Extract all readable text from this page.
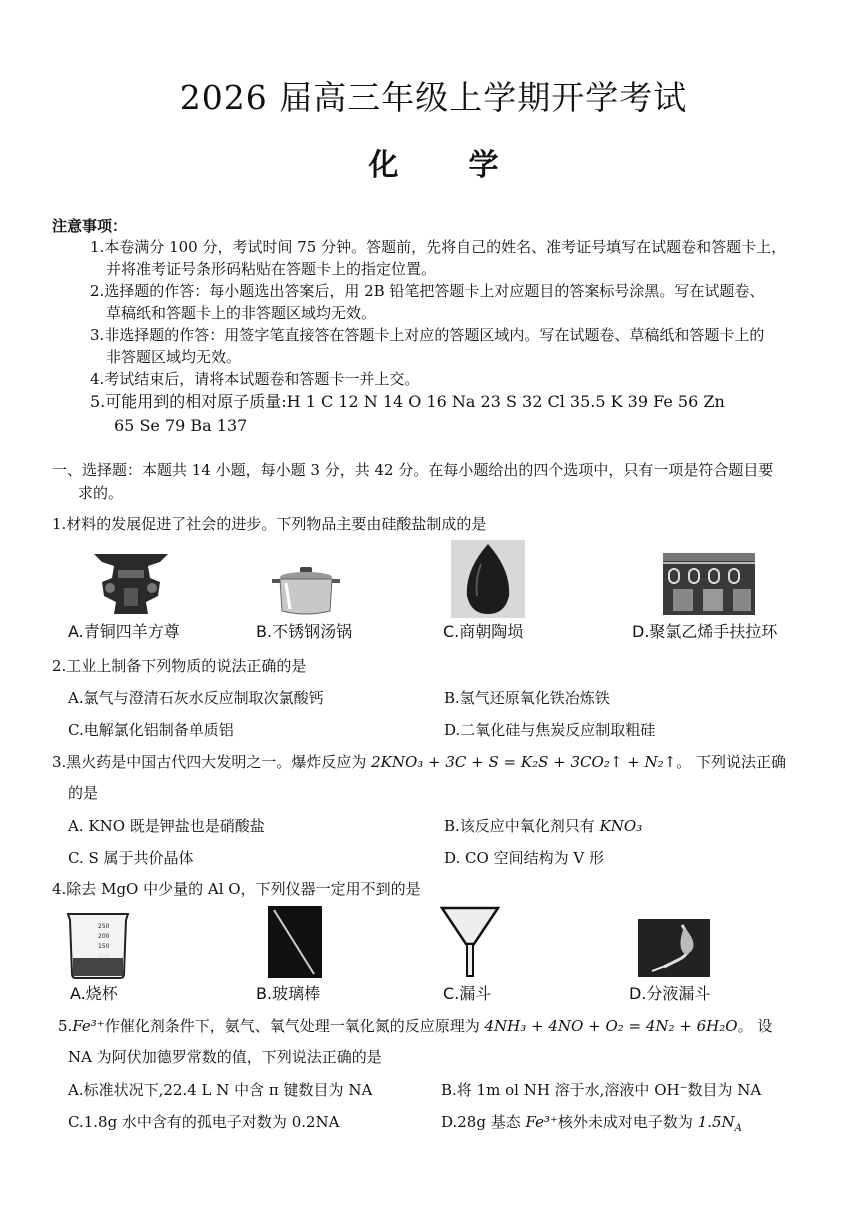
2026 届高三年级上学期开学考试
化学
注意事项：
1.本卷满分 100 分，考试时间 75 分钟。答题前，先将自己的姓名、准考证号填写在试题卷和答题卡上，
并将准考证号条形码粘贴在答题卡上的指定位置。
2.选择题的作答：每小题选出答案后，用 2B 铅笔把答题卡上对应题目的答案标号涂黑。写在试题卷、
草稿纸和答题卡上的非答题区域均无效。
3.非选择题的作答：用签字笔直接答在答题卡上对应的答题区域内。写在试题卷、草稿纸和答题卡上的
非答题区域均无效。
4.考试结束后，请将本试题卷和答题卡一并上交。
5.可能用到的相对原子质量:H 1 C 12 N 14 O 16 Na 23 S 32 Cl 35.5 K 39 Fe 56 Zn
65 Se 79 Ba 137
一、选择题：本题共 14 小题，每小题 3 分，共 42 分。在每小题给出的四个选项中，只有一项是符合题目要
求的。
1.材料的发展促进了社会的进步。下列物品主要由硅酸盐制成的是
A.青铜四羊方尊	B.不锈钢汤锅	C.商朝陶埙	D.聚氯乙烯手扶拉环
2.工业上制备下列物质的说法正确的是
A.氯气与澄清石灰水反应制取次氯酸钙	B.氢气还原氧化铁冶炼铁
C.电解氯化铝制备单质铝	D.二氧化硅与焦炭反应制取粗硅
3.黑火药是中国古代四大发明之一。爆炸反应为 2KNO₃ + 3C + S = K₂S + 3CO₂↑ + N₂↑。 下列说法正确
的是
A. KNO 既是钾盐也是硝酸盐	B.该反应中氧化剂只有 KNO₃
C. S 属于共价晶体	D. CO 空间结构为 V 形
4.除去 MgO 中少量的 Al O，下列仪器一定用不到的是
250
200
150
100
A.烧杯	B.玻璃棒	C.漏斗	D.分液漏斗
5.Fe³⁺作催化剂条件下，氨气、氧气处理一氧化氮的反应原理为 4NH₃ + 4NO + O₂ = 4N₂ + 6H₂O。 设
NA 为阿伏加德罗常数的值，下列说法正确的是
A.标准状况下,22.4 L N 中含 π 键数目为 NA	B.将 1m ol NH 溶于水,溶液中 OH⁻数目为 NA
C.1.8g 水中含有的孤电子对数为 0.2NA	D.28g 基态 Fe³⁺核外未成对电子数为 $1.5N_A$
